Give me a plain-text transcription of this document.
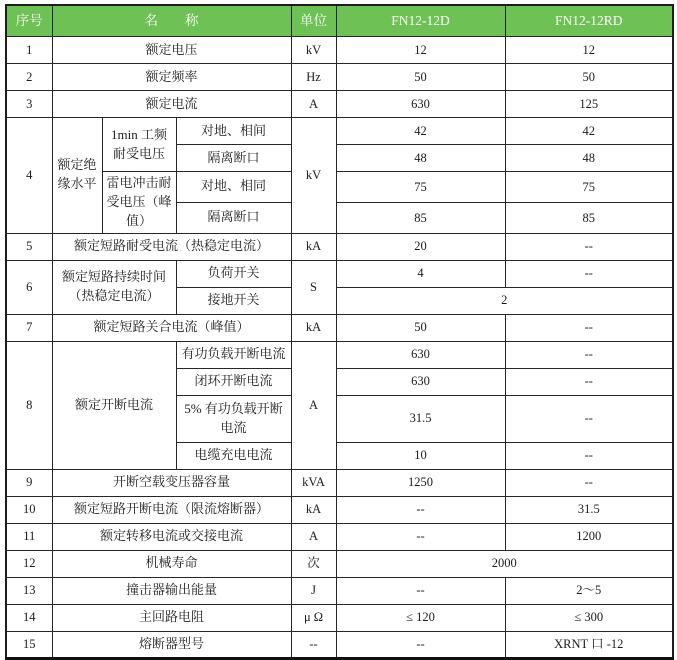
序号	名　　称			单位	FN12-12D	FN12-12RD
1	额定电压			kV	12	12
2	额定频率			Hz	50	50
3	额定电流			A	630	125
4	额定绝缘水平	1min 工频耐受电压	对地、相间	kV	42	42
			隔离断口		48	48
		雷电冲击耐受电压（峰值）	对地、相同		75	75
			隔离断口		85	85
5	额定短路耐受电流（热稳定电流）			kA	20	--
6	额定短路持续时间（热稳定电流）		负荷开关	S	4	--
			接地开关		2	
7	额定短路关合电流（峰值）			kA	50	--
8	额定开断电流		有功负载开断电流	A	630	--
			闭环开断电流		630	--
			5% 有功负载开断电流		31.5	--
			电缆充电电流		10	--
9	开断空载变压器容量			kVA	1250	--
10	额定短路开断电流（限流熔断器）			kA	--	31.5
11	额定转移电流或交接电流			A	--	1200
12	机械寿命			次	2000	
13	撞击器输出能量			J	--	2～5
14	主回路电阻			μ Ω	≤ 120	≤ 300
15	熔断器型号			--	--	XRNT 口 -12
